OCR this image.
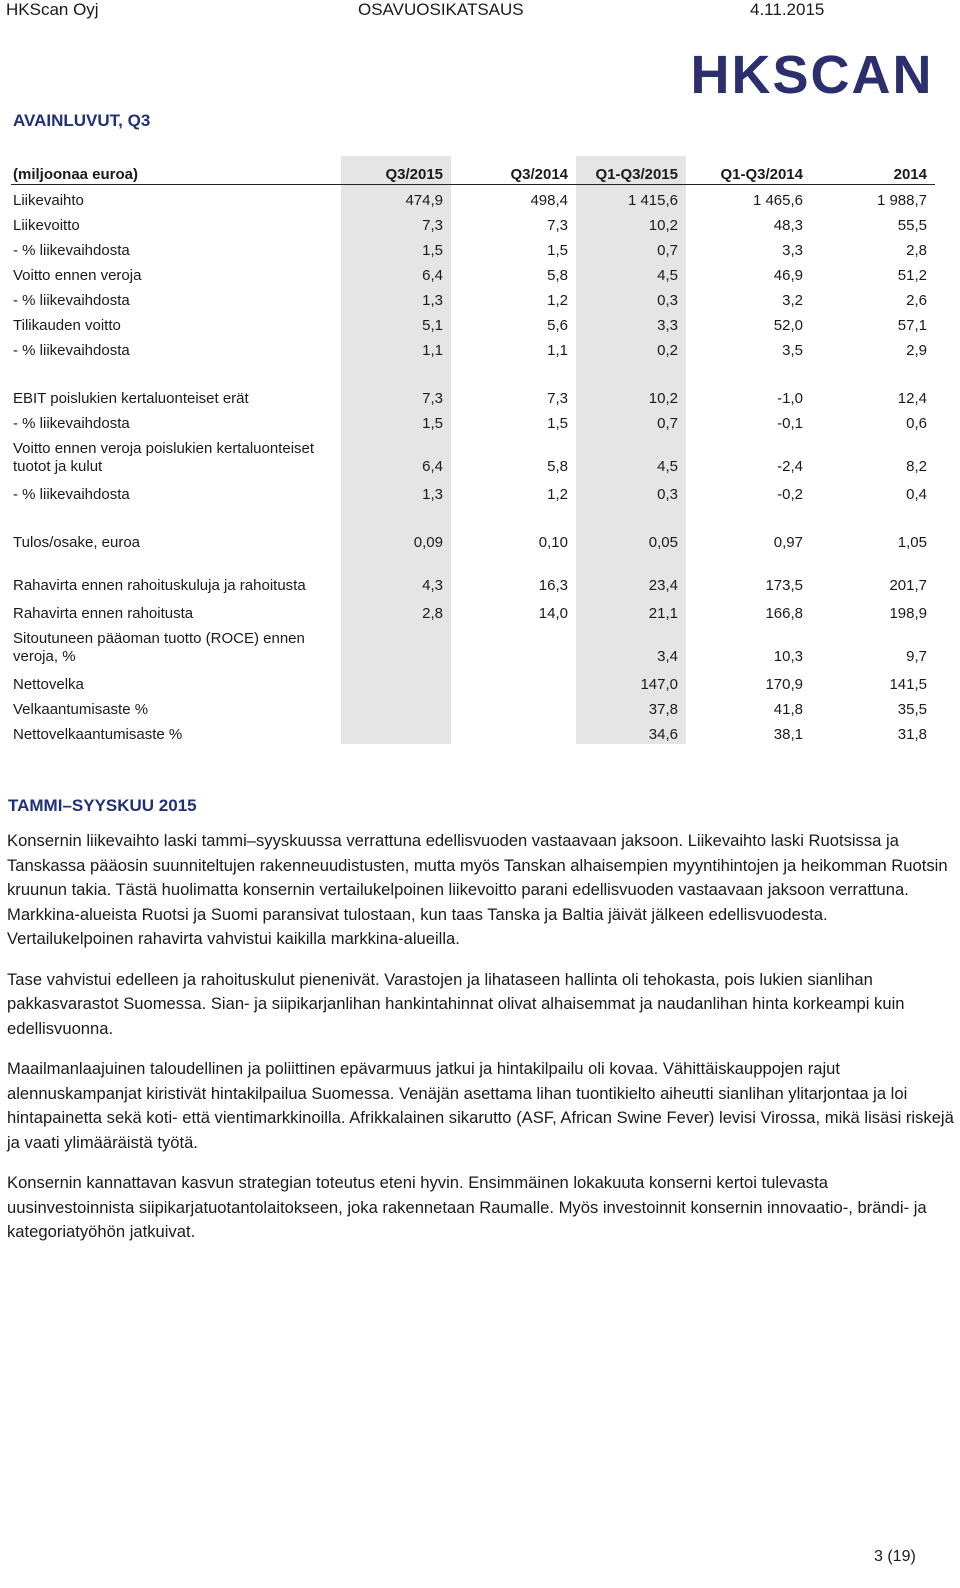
HKScan Oyj	OSAVUOSIKATSAUS	4.11.2015
HKSCAN
AVAINLUVUT, Q3
(miljoonaa euroa)	Q3/2015	Q3/2014	Q1-Q3/2015	Q1-Q3/2014	2014
Liikevaihto	474,9	498,4	1 415,6	1 465,6	1 988,7
Liikevoitto	7,3	7,3	10,2	48,3	55,5
- % liikevaihdosta	1,5	1,5	0,7	3,3	2,8
Voitto ennen veroja	6,4	5,8	4,5	46,9	51,2
- % liikevaihdosta	1,3	1,2	0,3	3,2	2,6
Tilikauden voitto	5,1	5,6	3,3	52,0	57,1
- % liikevaihdosta	1,1	1,1	0,2	3,5	2,9

EBIT poislukien kertaluonteiset erät	7,3	7,3	10,2	-1,0	12,4
- % liikevaihdosta	1,5	1,5	0,7	-0,1	0,6
Voitto ennen veroja poislukien kertaluonteiset tuotot ja kulut	6,4	5,8	4,5	-2,4	8,2
- % liikevaihdosta	1,3	1,2	0,3	-0,2	0,4

Tulos/osake, euroa	0,09	0,10	0,05	0,97	1,05
Rahavirta ennen rahoituskuluja ja rahoitusta	4,3	16,3	23,4	173,5	201,7
Rahavirta ennen rahoitusta	2,8	14,0	21,1	166,8	198,9
Sitoutuneen pääoman tuotto (ROCE) ennen veroja, %			3,4	10,3	9,7
Nettovelka			147,0	170,9	141,5
Velkaantumisaste %			37,8	41,8	35,5
Nettovelkaantumisaste %			34,6	38,1	31,8
TAMMI–SYYSKUU 2015

Konsernin liikevaihto laski tammi–syyskuussa verrattuna edellisvuoden vastaavaan jaksoon. Liikevaihto laski Ruotsissa ja Tanskassa pääosin suunniteltujen rakenneuudistusten, mutta myös Tanskan alhaisempien myyntihintojen ja heikomman Ruotsin kruunun takia. Tästä huolimatta konsernin vertailukelpoinen liikevoitto parani edellisvuoden vastaavaan jaksoon verrattuna. Markkina-alueista Ruotsi ja Suomi paransivat tulostaan, kun taas Tanska ja Baltia jäivät jälkeen edellisvuodesta. Vertailukelpoinen rahavirta vahvistui kaikilla markkina-alueilla.

Tase vahvistui edelleen ja rahoituskulut pienenivät. Varastojen ja lihataseen hallinta oli tehokasta, pois lukien sianlihan pakkasvarastot Suomessa. Sian- ja siipikarjanlihan hankintahinnat olivat alhaisemmat ja naudanlihan hinta korkeampi kuin edellisvuonna.

Maailmanlaajuinen taloudellinen ja poliittinen epävarmuus jatkui ja hintakilpailu oli kovaa. Vähittäiskauppojen rajut alennuskampanjat kiristivät hintakilpailua Suomessa. Venäjän asettama lihan tuontikielto aiheutti sianlihan ylitarjontaa ja loi hintapainetta sekä koti- että vientimarkkinoilla. Afrikkalainen sikarutto (ASF, African Swine Fever) levisi Virossa, mikä lisäsi riskejä ja vaati ylimääräistä työtä.

Konsernin kannattavan kasvun strategian toteutus eteni hyvin. Ensimmäinen lokakuuta konserni kertoi tulevasta uusinvestoinnista siipikarjatuotantolaitokseen, joka rakennetaan Raumalle. Myös investoinnit konsernin innovaatio-, brändi- ja kategoriatyöhön jatkuivat.

3 (19)
